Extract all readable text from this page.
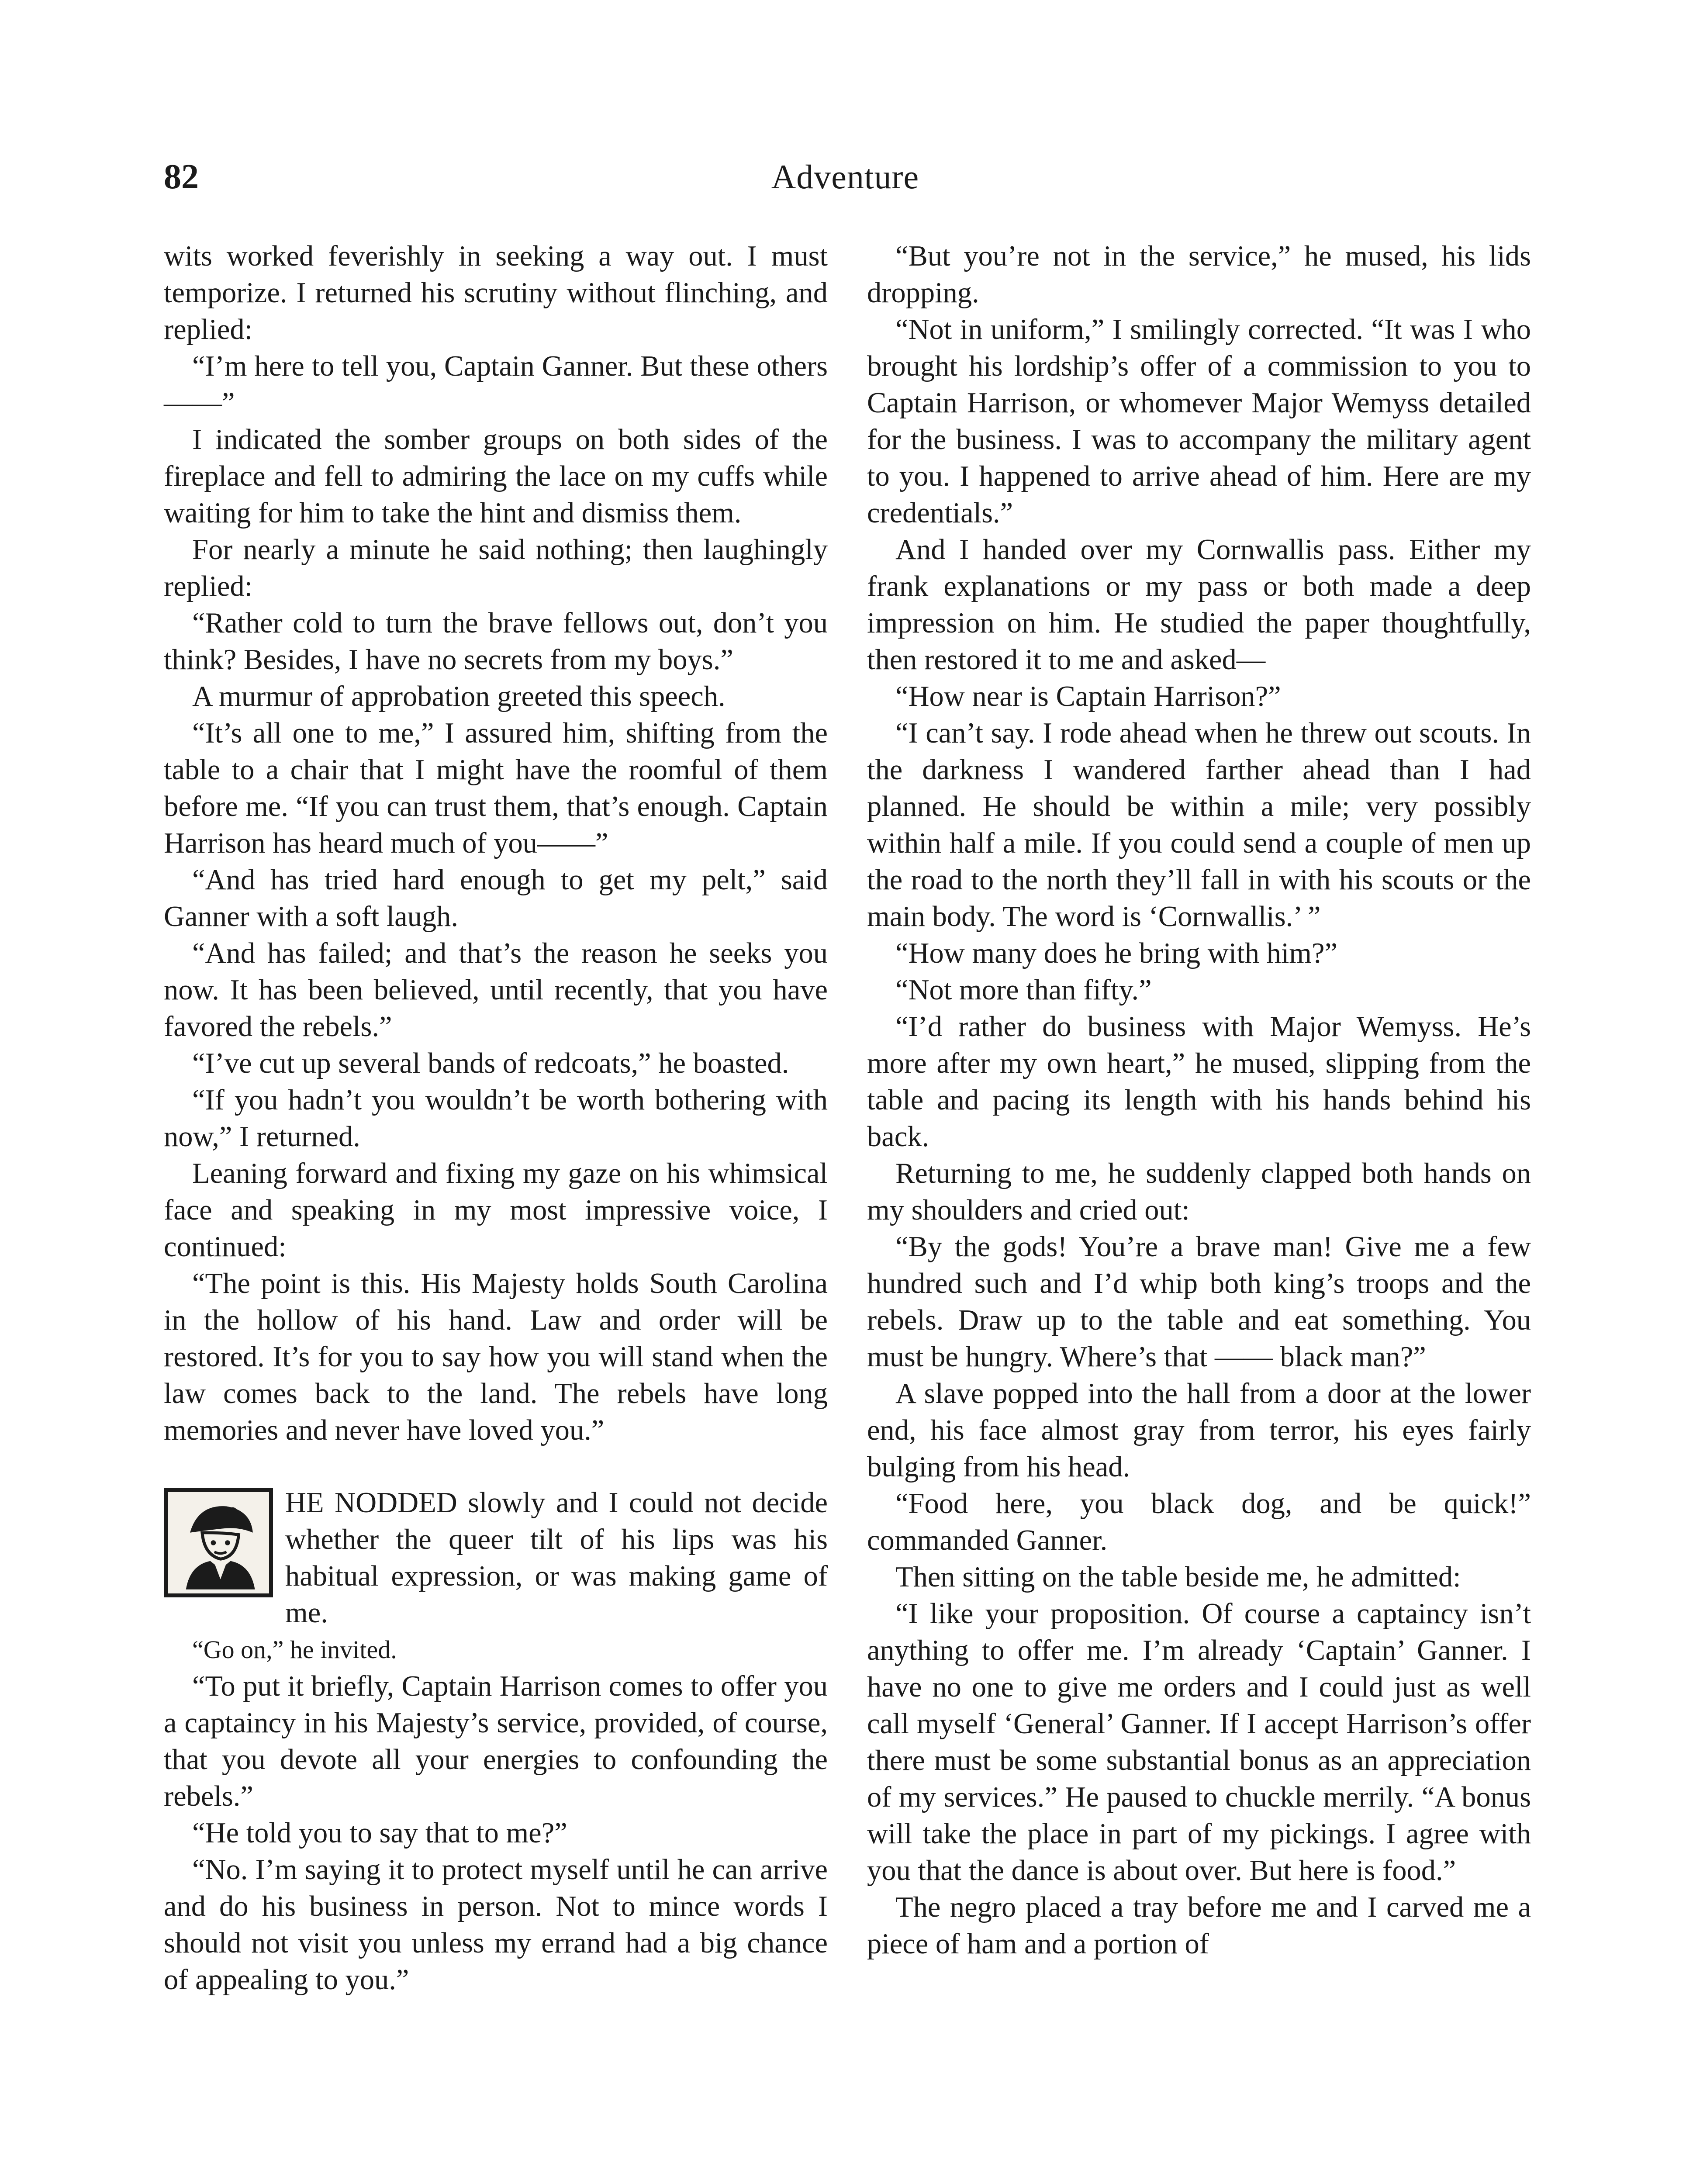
82	Adventure

wits worked feverishly in seeking a way out. I must temporize. I returned his scrutiny without flinching, and replied:

“I’m here to tell you, Captain Ganner. But these others——”

I indicated the somber groups on both sides of the fireplace and fell to admiring the lace on my cuffs while waiting for him to take the hint and dismiss them.

For nearly a minute he said nothing; then laughingly replied:

“Rather cold to turn the brave fellows out, don’t you think? Besides, I have no secrets from my boys.”

A murmur of approbation greeted this speech.

“It’s all one to me,” I assured him, shifting from the table to a chair that I might have the roomful of them before me. “If you can trust them, that’s enough. Captain Harrison has heard much of you——”

“And has tried hard enough to get my pelt,” said Ganner with a soft laugh.

“And has failed; and that’s the reason he seeks you now. It has been believed, until recently, that you have favored the rebels.”

“I’ve cut up several bands of redcoats,” he boasted.

“If you hadn’t you wouldn’t be worth bothering with now,” I returned.

Leaning forward and fixing my gaze on his whimsical face and speaking in my most impressive voice, I continued:

“The point is this. His Majesty holds South Carolina in the hollow of his hand. Law and order will be restored. It’s for you to say how you will stand when the law comes back to the land. The rebels have long memories and never have loved you.”

HE NODDED slowly and I could not decide whether the queer tilt of his lips was his habitual expression, or was making game of me.

“Go on,” he invited.

“To put it briefly, Captain Harrison comes to offer you a captaincy in his Majesty’s service, provided, of course, that you devote all your energies to confounding the rebels.”

“He told you to say that to me?”

“No. I’m saying it to protect myself until he can arrive and do his business in person. Not to mince words I should not visit you unless my errand had a big chance of appealing to you.”

“But you’re not in the service,” he mused, his lids dropping.

“Not in uniform,” I smilingly corrected. “It was I who brought his lordship’s offer of a commission to you to Captain Harrison, or whomever Major Wemyss detailed for the business. I was to accompany the military agent to you. I happened to arrive ahead of him. Here are my credentials.”

And I handed over my Cornwallis pass. Either my frank explanations or my pass or both made a deep impression on him. He studied the paper thoughtfully, then restored it to me and asked—

“How near is Captain Harrison?”

“I can’t say. I rode ahead when he threw out scouts. In the darkness I wandered farther ahead than I had planned. He should be within a mile; very possibly within half a mile. If you could send a couple of men up the road to the north they’ll fall in with his scouts or the main body. The word is ‘Cornwallis.’ ”

“How many does he bring with him?”

“Not more than fifty.”

“I’d rather do business with Major Wemyss. He’s more after my own heart,” he mused, slipping from the table and pacing its length with his hands behind his back.

Returning to me, he suddenly clapped both hands on my shoulders and cried out:

“By the gods! You’re a brave man! Give me a few hundred such and I’d whip both king’s troops and the rebels. Draw up to the table and eat something. You must be hungry. Where’s that —— black man?”

A slave popped into the hall from a door at the lower end, his face almost gray from terror, his eyes fairly bulging from his head.

“Food here, you black dog, and be quick!” commanded Ganner.

Then sitting on the table beside me, he admitted:

“I like your proposition. Of course a captaincy isn’t anything to offer me. I’m already ‘Captain’ Ganner. I have no one to give me orders and I could just as well call myself ‘General’ Ganner. If I accept Harrison’s offer there must be some substantial bonus as an appreciation of my services.” He paused to chuckle merrily. “A bonus will take the place in part of my pickings. I agree with you that the dance is about over. But here is food.”

The negro placed a tray before me and I carved me a piece of ham and a portion of
